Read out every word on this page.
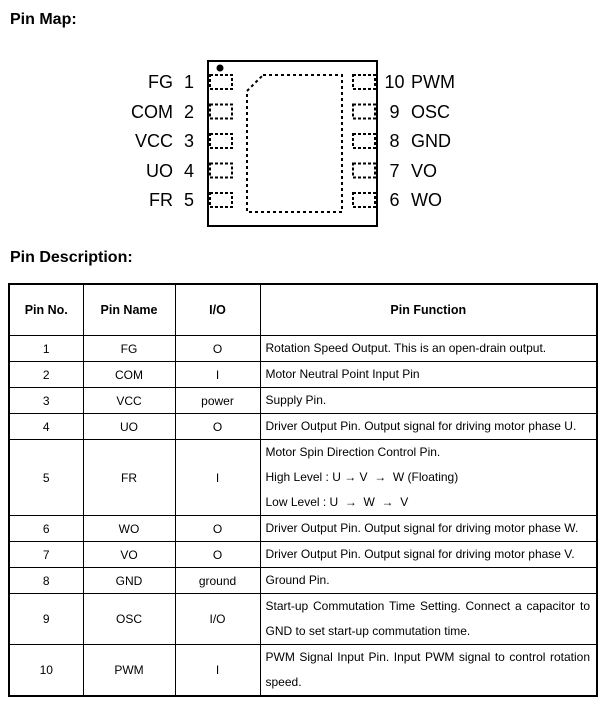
Pin Map:
FG 1
COM 2
VCC 3
UO 4
FR 5
10 PWM
9 OSC
8 GND
7 VO
6 WO
Pin Description:
Pin No.	Pin Name	I/O	Pin Function
1	FG	O	Rotation Speed Output. This is an open-drain output.

2	COM	I	Motor Neutral Point Input Pin

3	VCC	power	Supply Pin.

4	UO	O	Driver Output Pin. Output signal for driving motor phase U.

5	FR	I	Motor Spin Direction Control Pin.
High Level : U → V  →  W (Floating)
Low Level : U  →  W  →  V

6	WO	O	Driver Output Pin. Output signal for driving motor phase W.

7	VO	O	Driver Output Pin. Output signal for driving motor phase V.

8	GND	ground	Ground Pin.

9	OSC	I/O	Start-up Commutation Time Setting. Connect a capacitor to
GND to set start-up commutation time.

10	PWM	I	PWM Signal Input Pin. Input PWM signal to control rotation
speed.
